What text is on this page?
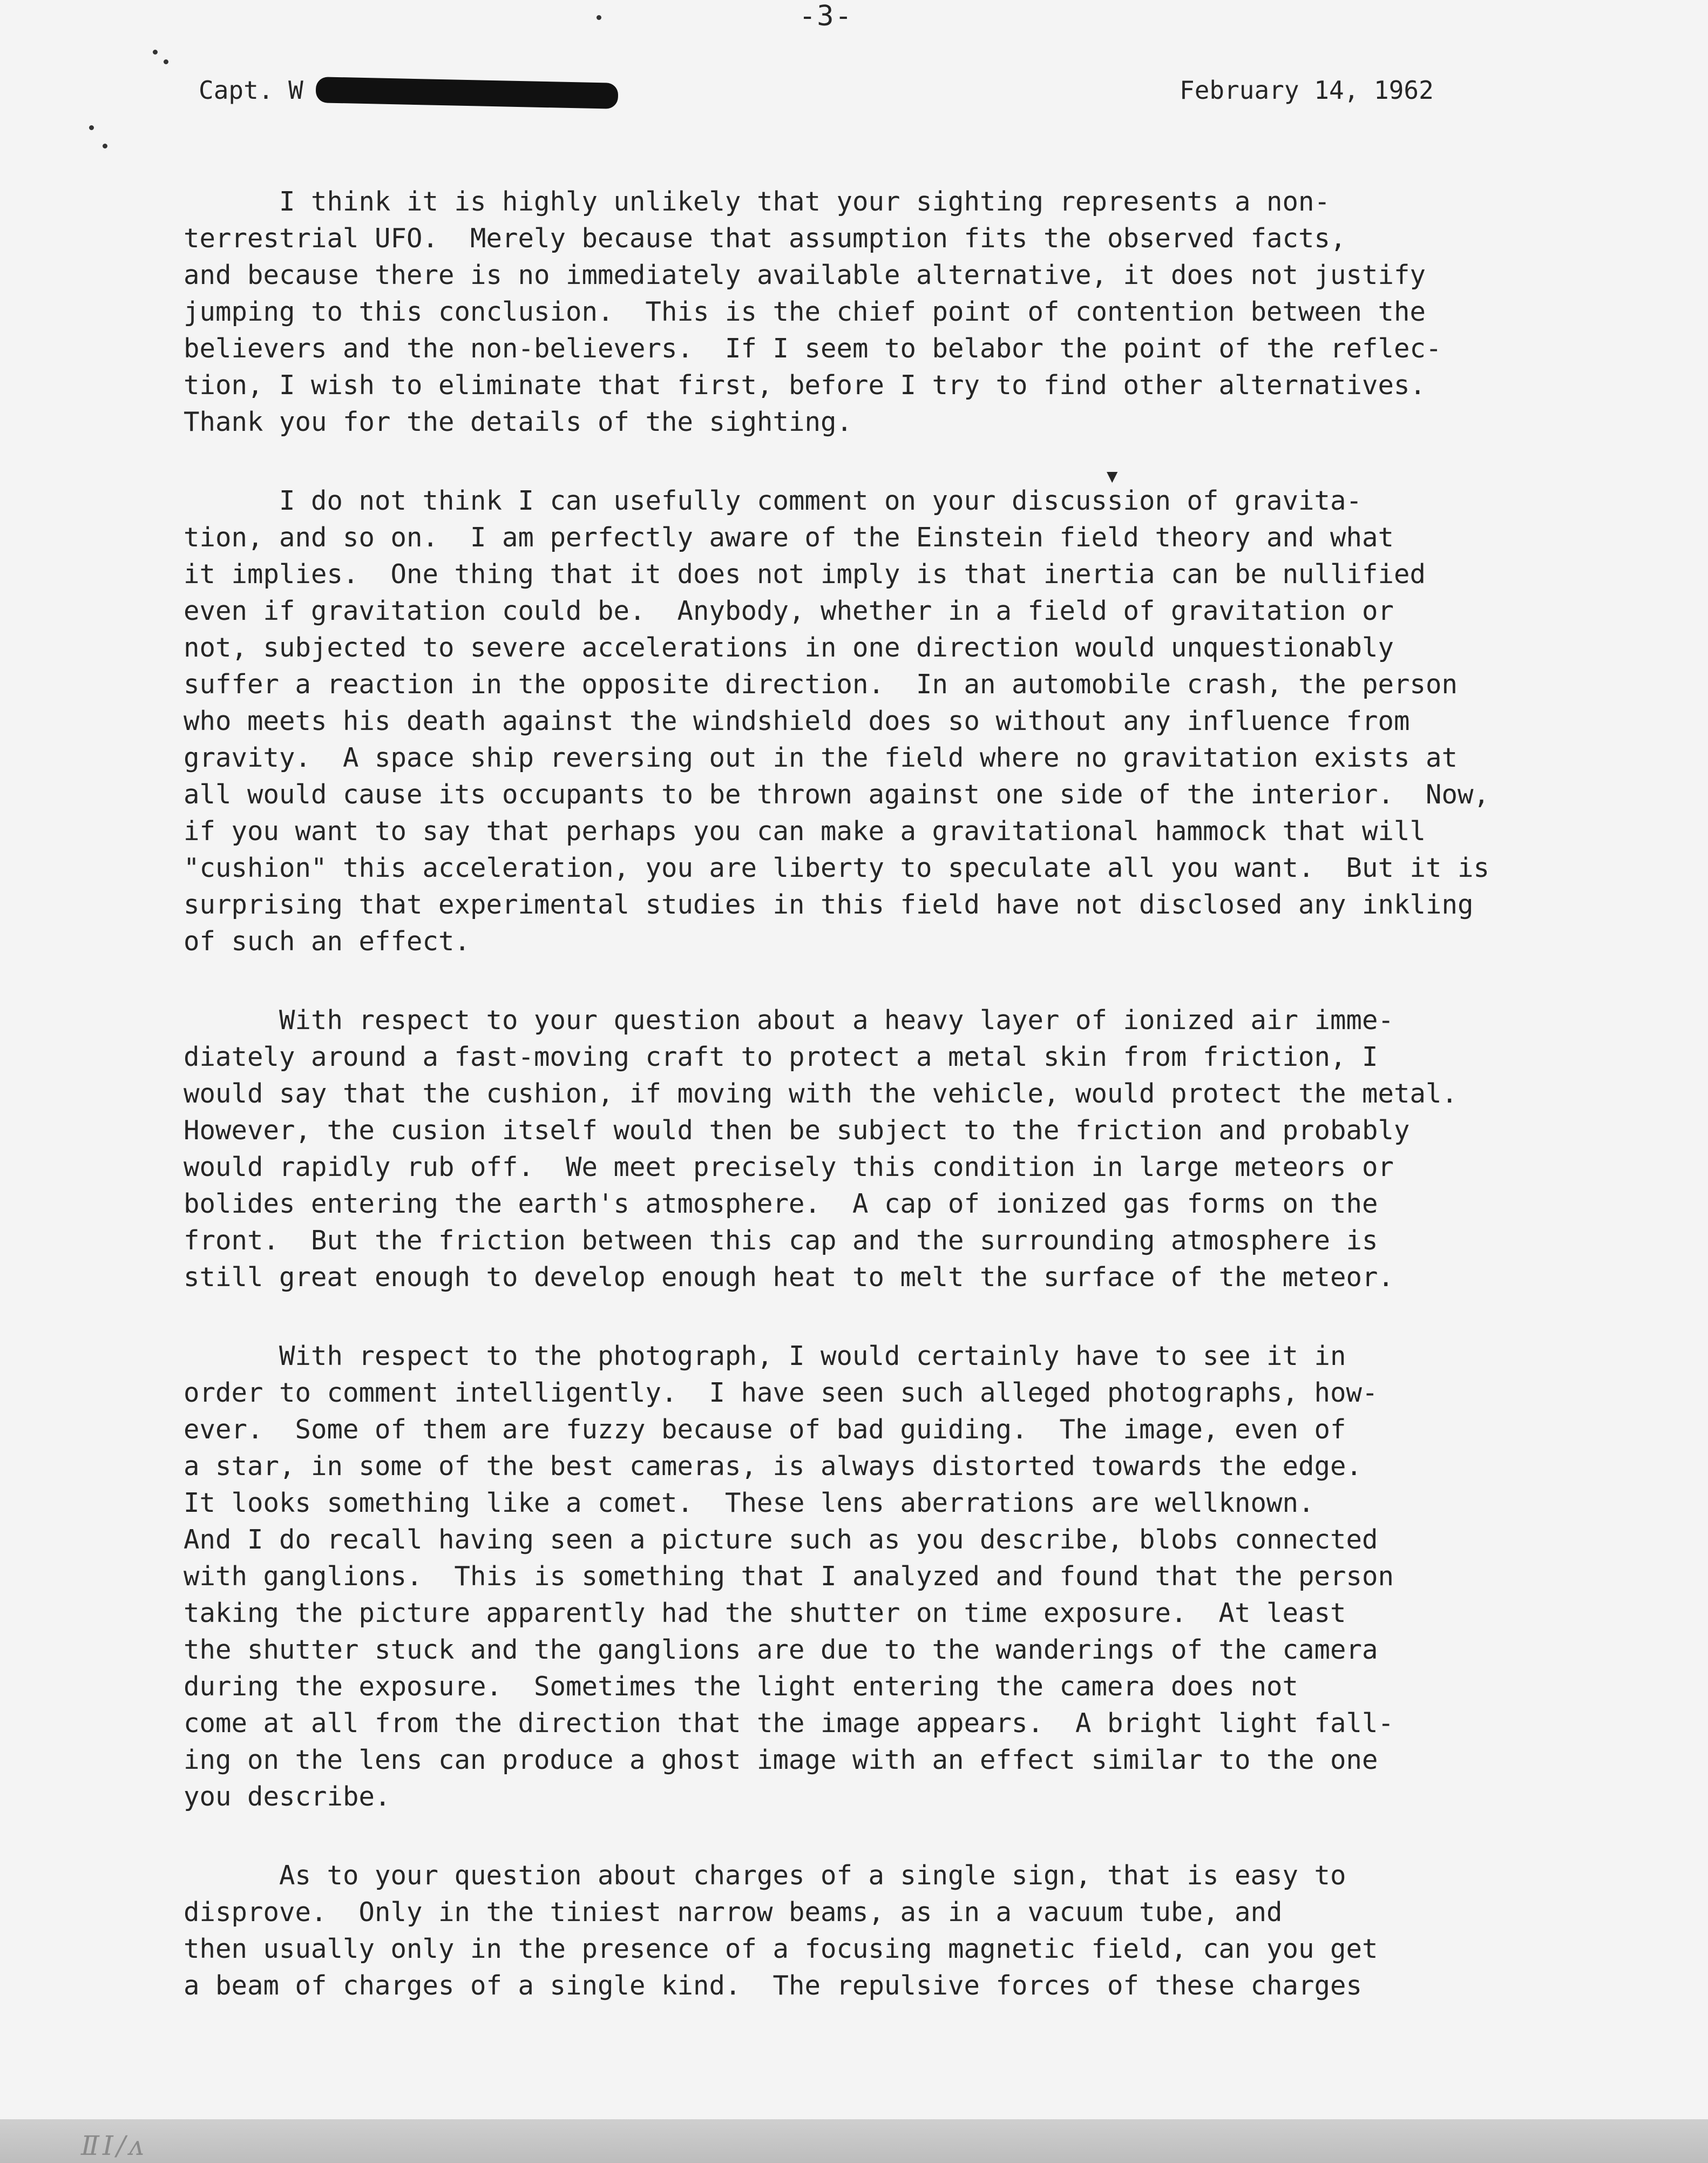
-3-
Capt. W	February 14, 1962
▼
I think it is highly unlikely that your sighting represents a non-
terrestrial UFO.  Merely because that assumption fits the observed facts,
and because there is no immediately available alternative, it does not justify
jumping to this conclusion.  This is the chief point of contention between the
believers and the non-believers.  If I seem to belabor the point of the reflec-
tion, I wish to eliminate that first, before I try to find other alternatives.
Thank you for the details of the sighting.
I do not think I can usefully comment on your discussion of gravita-
tion, and so on.  I am perfectly aware of the Einstein field theory and what
it implies.  One thing that it does not imply is that inertia can be nullified
even if gravitation could be.  Anybody, whether in a field of gravitation or
not, subjected to severe accelerations in one direction would unquestionably
suffer a reaction in the opposite direction.  In an automobile crash, the person
who meets his death against the windshield does so without any influence from
gravity.  A space ship reversing out in the field where no gravitation exists at
all would cause its occupants to be thrown against one side of the interior.  Now,
if you want to say that perhaps you can make a gravitational hammock that will
"cushion" this acceleration, you are liberty to speculate all you want.  But it is
surprising that experimental studies in this field have not disclosed any inkling
of such an effect.
With respect to your question about a heavy layer of ionized air imme-
diately around a fast-moving craft to protect a metal skin from friction, I
would say that the cushion, if moving with the vehicle, would protect the metal.
However, the cusion itself would then be subject to the friction and probably
would rapidly rub off.  We meet precisely this condition in large meteors or
bolides entering the earth's atmosphere.  A cap of ionized gas forms on the
front.  But the friction between this cap and the surrounding atmosphere is
still great enough to develop enough heat to melt the surface of the meteor.
With respect to the photograph, I would certainly have to see it in
order to comment intelligently.  I have seen such alleged photographs, how-
ever.  Some of them are fuzzy because of bad guiding.  The image, even of
a star, in some of the best cameras, is always distorted towards the edge.
It looks something like a comet.  These lens aberrations are wellknown.
And I do recall having seen a picture such as you describe, blobs connected
with ganglions.  This is something that I analyzed and found that the person
taking the picture apparently had the shutter on time exposure.  At least
the shutter stuck and the ganglions are due to the wanderings of the camera
during the exposure.  Sometimes the light entering the camera does not
come at all from the direction that the image appears.  A bright light fall-
ing on the lens can produce a ghost image with an effect similar to the one
you describe.
As to your question about charges of a single sign, that is easy to
disprove.  Only in the tiniest narrow beams, as in a vacuum tube, and
then usually only in the presence of a focusing magnetic field, can you get
a beam of charges of a single kind.  The repulsive forces of these charges
ⅡⅠ/ᴧ
